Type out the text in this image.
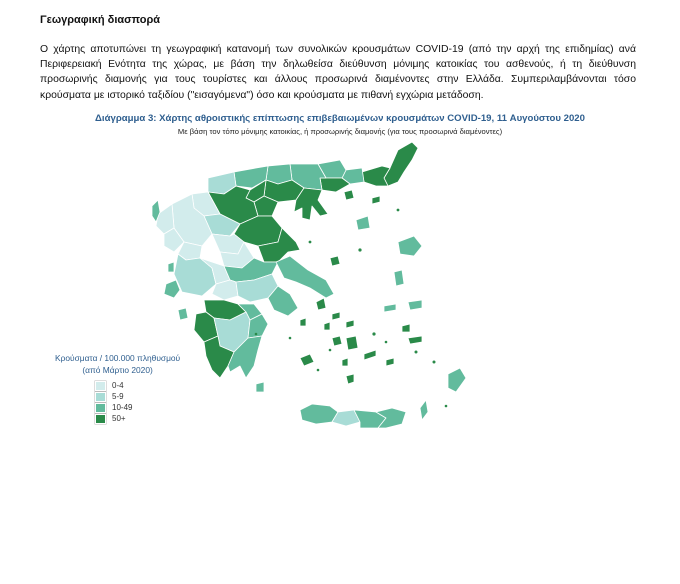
Γεωγραφική διασπορά
Ο χάρτης αποτυπώνει τη γεωγραφική κατανομή των συνολικών κρουσμάτων COVID-19 (από την αρχή της επιδημίας) ανά
Περιφερειακή Ενότητα της χώρας, με βάση την δηλωθείσα διεύθυνση μόνιμης κατοικίας του ασθενούς, ή τη διεύθυνση
προσωρινής διαμονής για τους τουρίστες και άλλους προσωρινά διαμένοντες στην Ελλάδα. Συμπεριλαμβάνονται τόσο
κρούσματα με ιστορικό ταξιδίου ("εισαγόμενα") όσο και κρούσματα με πιθανή εγχώρια μετάδοση.
Διάγραμμα 3: Χάρτης αθροιστικής επίπτωσης επιβεβαιωμένων κρουσμάτων COVID-19, 11 Αυγούστου 2020
Με βάση τον τόπο μόνιμης κατοικίας, ή προσωρινής διαμονής (για τους προσωρινά διαμένοντες)
Κρούσματα / 100.000 πληθυσμού
(από Μάρτιο 2020)
0-4
5-9
10-49
50+
